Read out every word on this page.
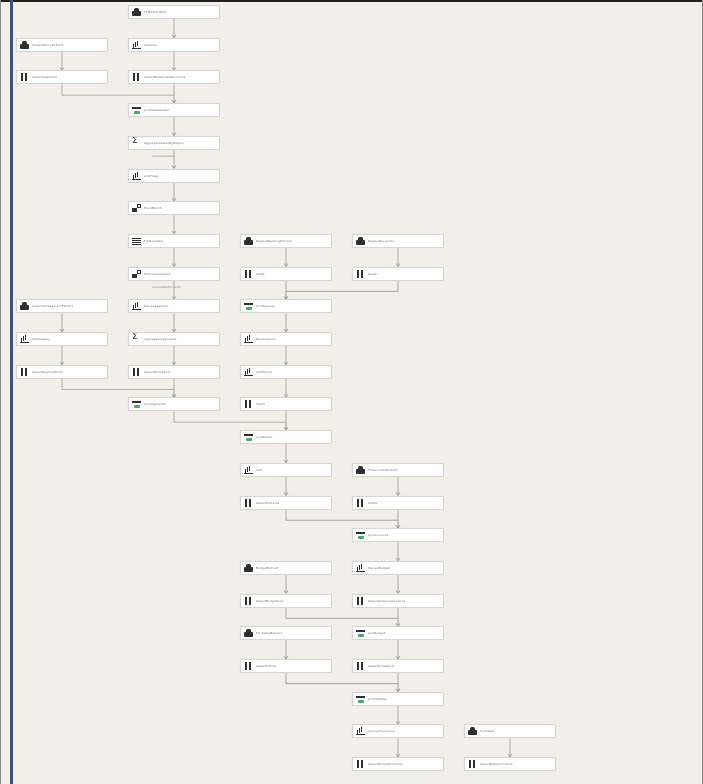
TTMasterdata
SalesHistoryExtract	AddCols
SelectSalesCols	SelectMasterdataColumns
JoinSalesMaster
Σ
AggregateSalesByRegion
AddFlags
PivotMonth
FlattenData	RegionMappingExtract	RegionHierarchy
UnpivotAmounts	Sel01	Sel02
CustomerSegmentExtract	DeriveSegment	JoinRegions
AddSegKey Σ	AggregateSegments	RenameCols
SelectSegmentCols	SelectRollupCols	AddPeriod
JoinSegments	Sel03
JoinRollup
Calc	TTAccountsExtract
SelectCalcCols	Sel04
JoinAccounts
BudgetExtract	DeriveBudget
SelectBudgetCols	SelectVarianceColumns
FX_RatesExtract	JoinBudget
SelectFXCols	SelectJoinedCols
JoinFXRates
ConvertCurrency	CurRates
SelectOutputColumns	SelectRatesColumns
CalculateTotals
UnpivotedAmounts
